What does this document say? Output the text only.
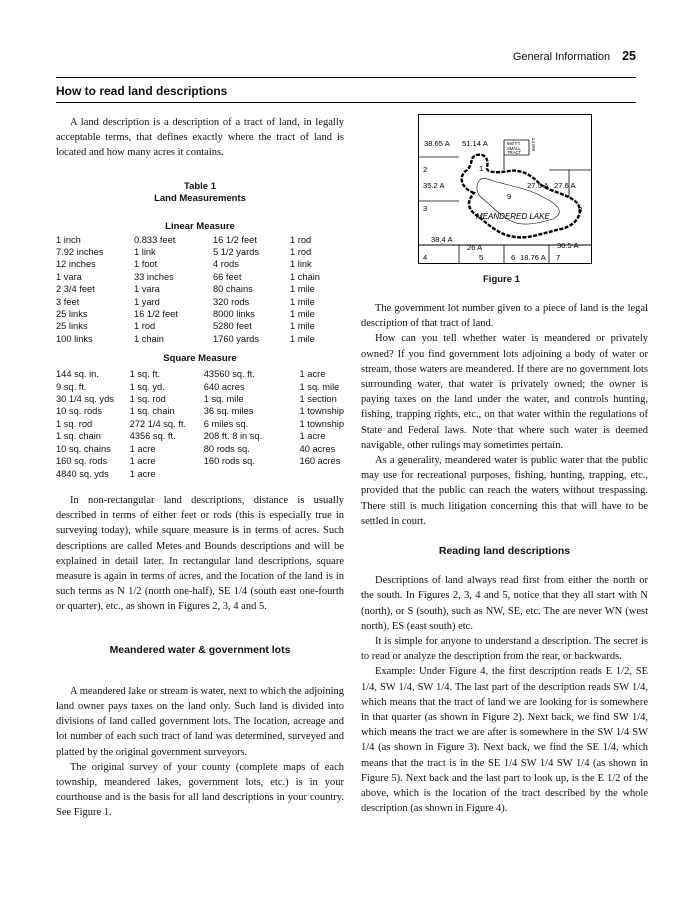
General Information 25
How to read land descriptions

A land description is a description of a tract of land, in legally acceptable terms, that defines exactly where the tract of land is located and how many acres it contains.

Table 1
Land Measurements
Linear Measure
1 inch	0.833 feet	16 1/2 feet	1 rod
7.92 inches	1 link	5 1/2 yards	1 rod
12 inches	1 foot	4 rods	1 link
1 vara	33 inches	66 feet	1 chain
2 3/4 feet	1 vara	80 chains	1 mile
3 feet	1 yard	320 rods	1 mile
25 links	16 1/2 feet	8000 links	1 mile
25 links	1 rod	5280 feet	1 mile
100 links	1 chain	1760 yards	1 mile
Square Measure
144 sq. in.	1 sq. ft.	43560 sq. ft.	1 acre
9 sq. ft.	1 sq. yd.	640 acres	1 sq. mile
30 1/4 sq. yds	1 sq. rod	1 sq. mile	1 section
10 sq. rods	1 sq. chain	36 sq. miles	1 township
1 sq. rod	272 1/4 sq. ft.	6 miles sq.	1 township
1 sq. chain	4356 sq. ft.	208 ft. 8 in sq.	1 acre
10 sq. chains	1 acre	80 rods sq.	40 acres
160 sq. rods	1 acre	160 rods sq.	160 acres
4840 sq. yds	1 acre		

In non-rectangular land descriptions, distance is usually described in terms of either feet or rods (this is especially true in surveying today), while square measure is in terms of acres. Such descriptions are called Metes and Bounds descriptions and will be explained in detail later. In rectangular land descriptions, square measure is again in terms of acres, and the location of the land is in such terms as N 1/2 (north one-half), SE 1/4 (south east one-fourth or quarter), etc., as shown in Figures 2, 3, 4 and 5.

Meandered water & government lots

A meandered lake or stream is water, next to which the adjoining land owner pays taxes on the land only. Such land is divided into divisions of land called government lots. The location, acreage and lot number of each such tract of land was determined, surveyed and platted by the original government surveyors.

The original survey of your county (complete maps of each township, meandered lakes, government lots, etc.) is in your courthouse and is the basis for all land descriptions in your country. See Figure 1.

38.65 A 51.14 A
35.2 A	27.5 A 27.6 A
38.4 A
26 A	30.5 A
18.76 A
1
2
3
4	5	6	7
8
9
MEANDERED LAKE
660 FT
SMALL
TRACT
660 FT
Figure 1

The government lot number given to a piece of land is the legal description of that tract of land.

How can you tell whether water is meandered or privately owned? If you find government lots adjoining a body of water or stream, those waters are meandered. If there are no government lots surrounding water, that water is privately owned; the owner is paying taxes on the land under the water, and controls hunting, fishing, trapping rights, etc., on that water within the regulations of State and Federal laws. Note that where such water is deemed navigable, other rulings may sometimes pertain.

As a generality, meandered water is public water that the public may use for recreational purposes, fishing, hunting, trapping, etc., provided that the public can reach the waters without trespassing. There still is much litigation concerning this that will have to be settled in court.

Reading land descriptions

Descriptions of land always read first from either the north or the south. In Figures 2, 3, 4 and 5, notice that they all start with N (north), or S (south), such as NW, SE, etc. The are never WN (west north), ES (east south) etc.

It is simple for anyone to understand a description. The secret is to read or analyze the description from the rear, or backwards.

Example: Under Figure 4, the first description reads E 1/2, SE 1/4, SW 1/4, SW 1/4. The last part of the description reads SW 1/4, which means that the tract of land we are looking for is somewhere in that quarter (as shown in Figure 2). Next back, we find SW 1/4, which means the tract we are after is somewhere in the SW 1/4 SW 1/4 (as shown in Figure 3). Next back, we find the SE 1/4, which means that the tract is in the SE 1/4 SW 1/4 SW 1/4 (as shown in Figure 5). Next back and the last part to look up, is the E 1/2 of the above, which is the location of the tract described by the whole description (as shown in Figure 4).
